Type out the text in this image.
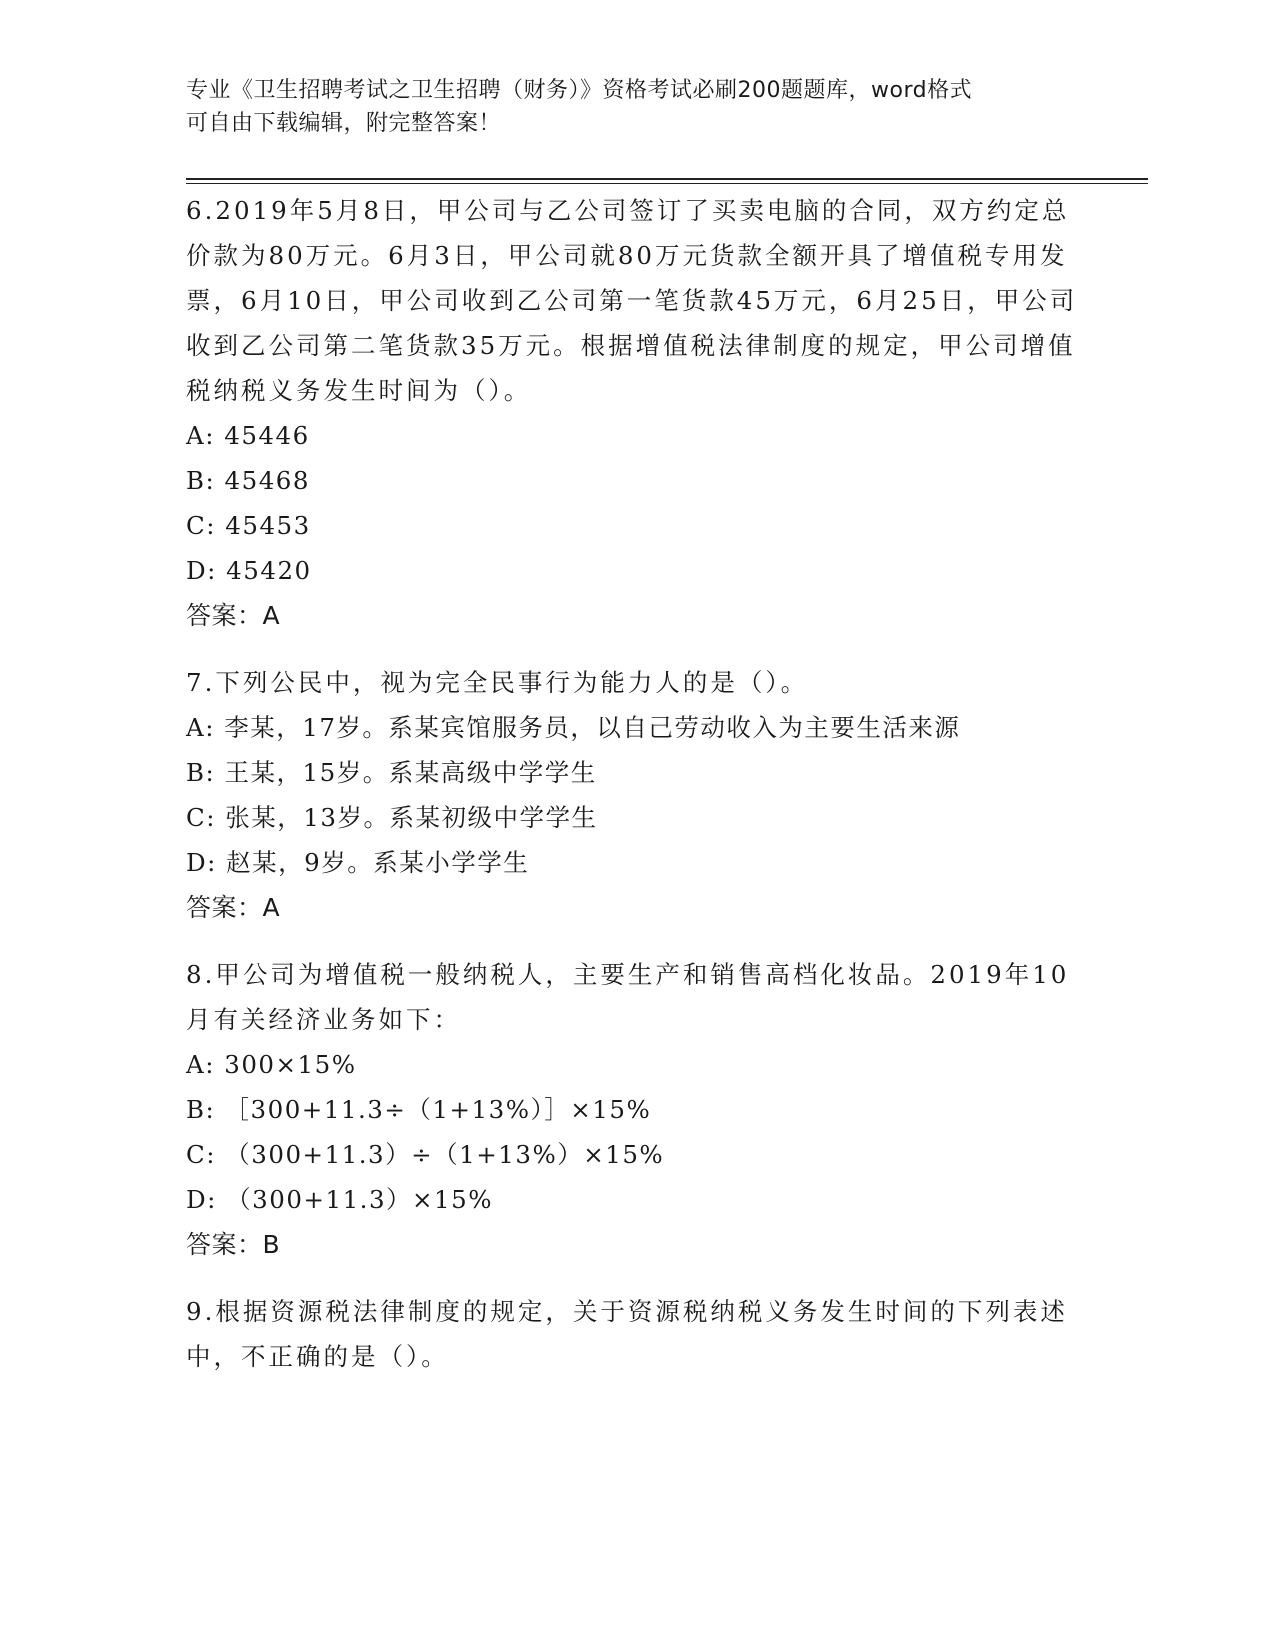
专业《卫生招聘考试之卫生招聘（财务）》资格考试必刷200题题库，word格式
可自由下载编辑，附完整答案！
6.2019年5月8日，甲公司与乙公司签订了买卖电脑的合同，双方约定总价款为80万元。6月3日，甲公司就80万元货款全额开具了增值税专用发票，6月10日，甲公司收到乙公司第一笔货款45万元，6月25日，甲公司收到乙公司第二笔货款35万元。根据增值税法律制度的规定，甲公司增值税纳税义务发生时间为（）。
A: 45446
B: 45468
C: 45453
D: 45420
答案：A
7.下列公民中，视为完全民事行为能力人的是（）。
A: 李某，17岁。系某宾馆服务员，以自己劳动收入为主要生活来源
B: 王某，15岁。系某高级中学学生
C: 张某，13岁。系某初级中学学生
D: 赵某，9岁。系某小学学生
答案：A
8.甲公司为增值税一般纳税人，主要生产和销售高档化妆品。2019年10月有关经济业务如下：
A: 300×15%
B: ［300+11.3÷（1+13%）］×15%
C: （300+11.3）÷（1+13%）×15%
D: （300+11.3）×15%
答案：B
9.根据资源税法律制度的规定，关于资源税纳税义务发生时间的下列表述中，不正确的是（）。
